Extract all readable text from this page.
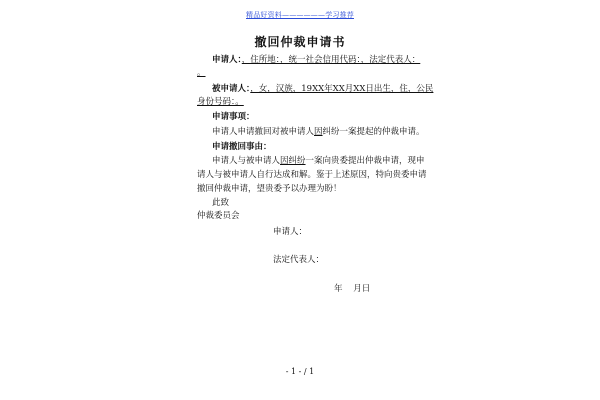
精品好资料——————学习推荐
撤回仲裁申请书
申请人：，住所地：，统一社会信用代码：，法定代表人：
。
被申请人：，女，汉族，19XX年XX月XX日出生，住，公民
身份号码：。
申请事项：
申请人申请撤回对被申请人因纠纷一案提起的仲裁申请。
申请撤回事由：
申请人与被申请人因纠纷一案向贵委提出仲裁申请，现申
请人与被申请人自行达成和解。鉴于上述原因，特向贵委申请
撤回仲裁申请，望贵委予以办理为盼！
此致
仲裁委员会
申请人：
法定代表人：
年    月日
- 1 - / 1
